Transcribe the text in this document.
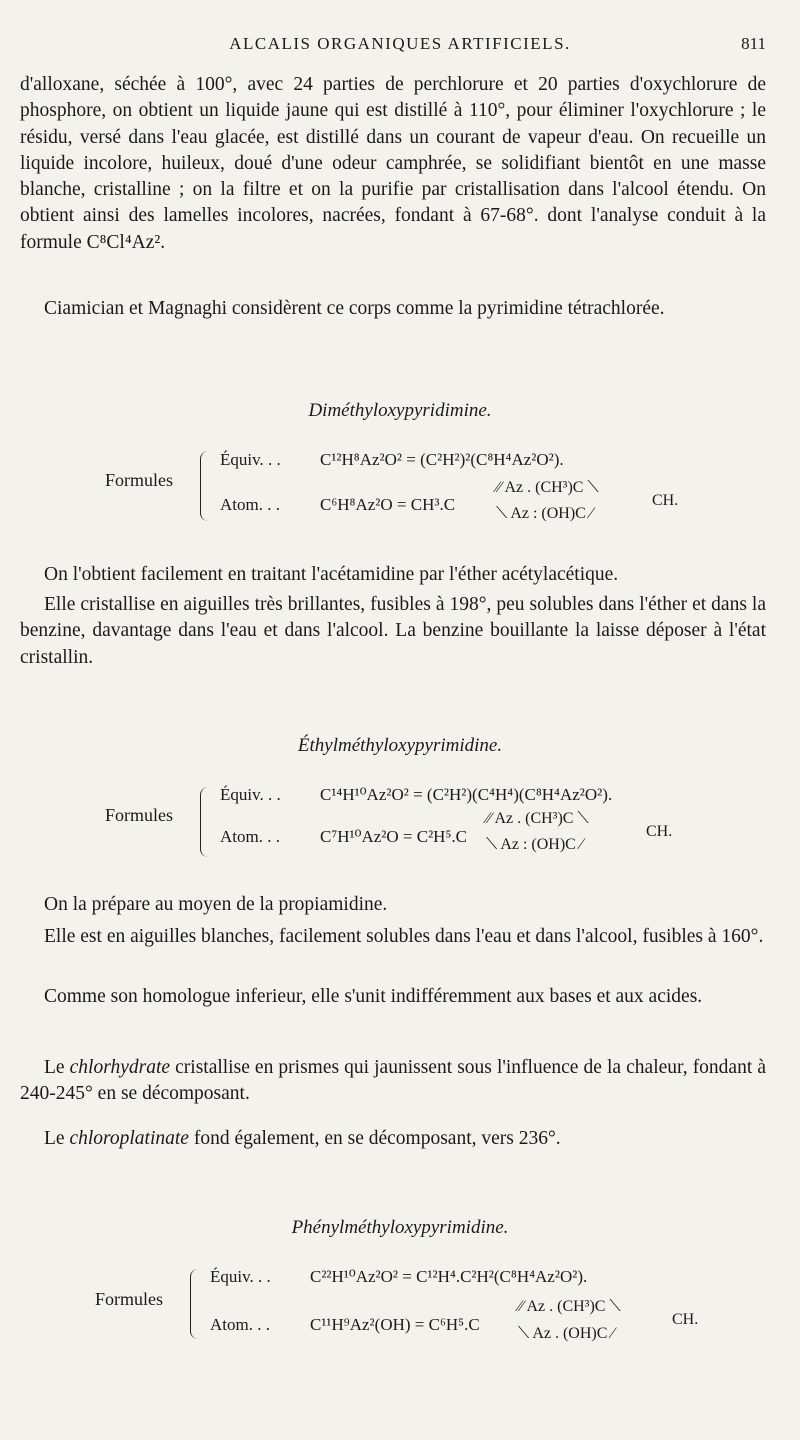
ALCALIS ORGANIQUES ARTIFICIELS.	811

d'alloxane, séchée à 100°, avec 24 parties de perchlorure et 20 parties d'oxychlorure de phosphore, on obtient un liquide jaune qui est distillé à 110°, pour éliminer l'oxychlorure ; le résidu, versé dans l'eau glacée, est distillé dans un courant de vapeur d'eau. On recueille un liquide incolore, huileux, doué d'une odeur camphrée, se solidifiant bientôt en une masse blanche, cristalline ; on la filtre et on la purifie par cristallisation dans l'alcool étendu. On obtient ainsi des lamelles incolores, nacrées, fondant à 67-68°. dont l'analyse conduit à la formule C⁸Cl⁴Az².

Ciamician et Magnaghi considèrent ce corps comme la pyrimidine tétrachlorée.

Diméthyloxypyridimine.
Formules
Équiv. . . C¹²H⁸Az²O² = (C²H²)²(C⁸H⁴Az²O²).
Atom. . . C⁶H⁸Az²O = CH³.C
⁄⁄ Az . (CH³)C ⟍
⟍ Az : (OH)C ⁄
CH.

On l'obtient facilement en traitant l'acétamidine par l'éther acétylacétique.

Elle cristallise en aiguilles très brillantes, fusibles à 198°, peu solubles dans l'éther et dans la benzine, davantage dans l'eau et dans l'alcool. La benzine bouillante la laisse déposer à l'état cristallin.

Éthylméthyloxypyrimidine.
Formules
Équiv. . . C¹⁴H¹⁰Az²O² = (C²H²)(C⁴H⁴)(C⁸H⁴Az²O²).
Atom. . . C⁷H¹⁰Az²O = C²H⁵.C
⁄⁄ Az . (CH³)C ⟍
⟍ Az : (OH)C ⁄
CH.

On la prépare au moyen de la propiamidine.

Elle est en aiguilles blanches, facilement solubles dans l'eau et dans l'alcool, fusibles à 160°.

Comme son homologue inferieur, elle s'unit indifféremment aux bases et aux acides.

Le chlorhydrate cristallise en prismes qui jaunissent sous l'influence de la chaleur, fondant à 240-245° en se décomposant.

Le chloroplatinate fond également, en se décomposant, vers 236°.

Phénylméthyloxypyrimidine.
Formules
Équiv. . . C²²H¹⁰Az²O² = C¹²H⁴.C²H²(C⁸H⁴Az²O²).
Atom. . . C¹¹H⁹Az²(OH) = C⁶H⁵.C
⁄⁄ Az . (CH³)C ⟍
⟍ Az . (OH)C ⁄
CH.
